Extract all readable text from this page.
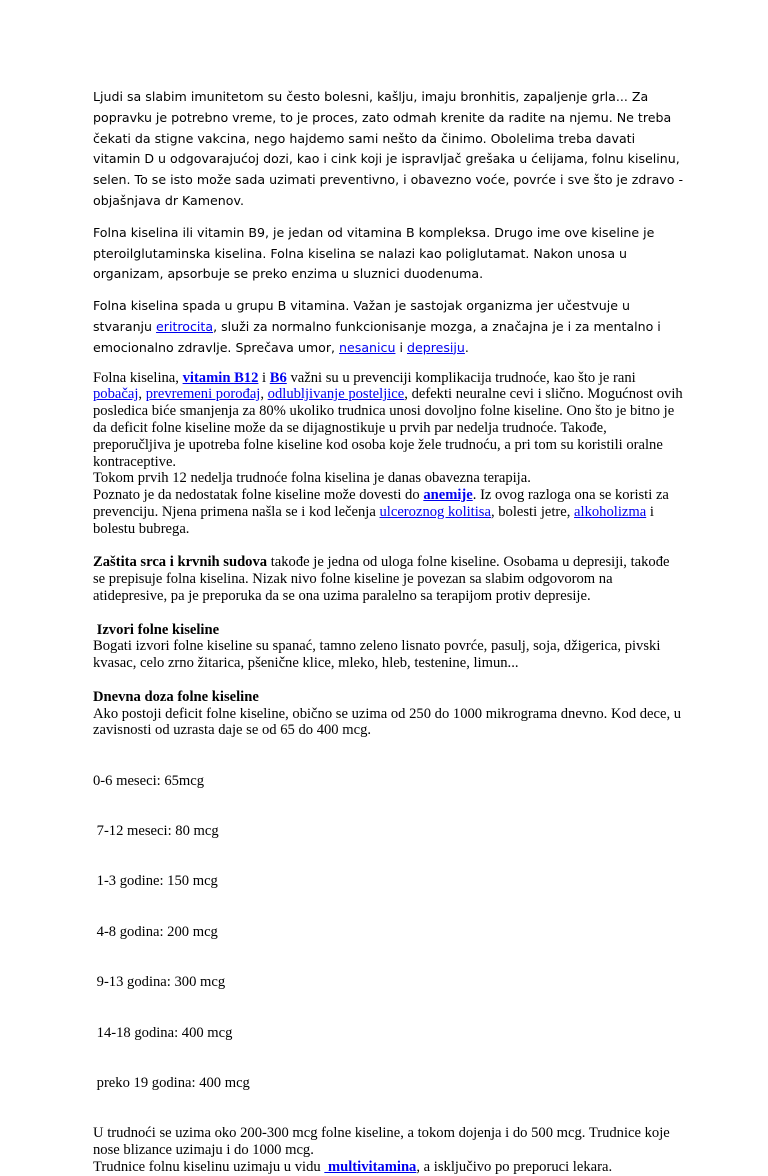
Ljudi sa slabim imunitetom su često bolesni, kašlju, imaju bronhitis, zapaljenje grla... Za popravku je potrebno vreme, to je proces, zato odmah krenite da radite na njemu. Ne treba čekati da stigne vakcina, nego hajdemo sami nešto da činimo. Obolelima treba davati vitamin D u odgovarajućoj dozi, kao i cink koji je ispravljač grešaka u ćelijama, folnu kiselinu, selen. To se isto može sada uzimati preventivno, i obavezno voće, povrće i sve što je zdravo - objašnjava dr Kamenov.

Folna kiselina ili vitamin B9, je jedan od vitamina B kompleksa. Drugo ime ove kiseline je pteroilglutaminska kiselina. Folna kiselina se nalazi kao poliglutamat. Nakon unosa u organizam, apsorbuje se preko enzima u sluznici duodenuma.

Folna kiselina spada u grupu B vitamina. Važan je sastojak organizma jer učestvuje u stvaranju eritrocita, služi za normalno funkcionisanje mozga, a značajna je i za mentalno i emocionalno zdravlje. Sprečava umor, nesanicu i depresiju.

Folna kiselina, vitamin B12 i B6 važni su u prevenciji komplikacija trudnoće, kao što je rani pobačaj, prevremeni porođaj, odlubljivanje posteljice, defekti neuralne cevi i slično. Mogućnost ovih posledica biće smanjenja za 80% ukoliko trudnica unosi dovoljno folne kiseline. Ono što je bitno je da deficit folne kiseline može da se dijagnostikuje u prvih par nedelja trudnoće. Takođe, preporučljiva je upotreba folne kiseline kod osoba koje žele trudnoću, a pri tom su koristili oralne kontraceptive.
Tokom prvih 12 nedelja trudnoće folna kiselina je danas obavezna terapija.
Poznato je da nedostatak folne kiseline može dovesti do anemije. Iz ovog razloga ona se koristi za prevenciju. Njena primena našla se i kod lečenja ulceroznog kolitisa, bolesti jetre, alkoholizma i bolestu bubrega.
Zaštita srca i krvnih sudova takođe je jedna od uloga folne kiseline. Osobama u depresiji, takođe se prepisuje folna kiselina. Nizak nivo folne kiseline je povezan sa slabim odgovorom na atidepresive, pa je preporuka da se ona uzima paralelno sa terapijom protiv depresije.
Izvori folne kiseline
Bogati izvori folne kiseline su spanać, tamno zeleno lisnato povrće, pasulj, soja, džigerica, pivski kvasac, celo zrno žitarica, pšenične klice, mleko, hleb, testenine, limun...
Dnevna doza folne kiseline
Ako postoji deficit folne kiseline, obično se uzima od 250 do 1000 mikrograma dnevno. Kod dece, u zavisnosti od uzrasta daje se od 65 do 400 mcg.

0-6 meseci: 65mcg

7-12 meseci: 80 mcg

1-3 godine: 150 mcg

4-8 godina: 200 mcg

9-13 godina: 300 mcg

14-18 godina: 400 mcg

preko 19 godina: 400 mcg

U trudnoći se uzima oko 200-300 mcg folne kiseline, a tokom dojenja i do 500 mcg. Trudnice koje nose blizance uzimaju i do 1000 mcg.
Trudnice folnu kiselinu uzimaju u vidu  multivitamina, a isključivo po preporuci lekara.
